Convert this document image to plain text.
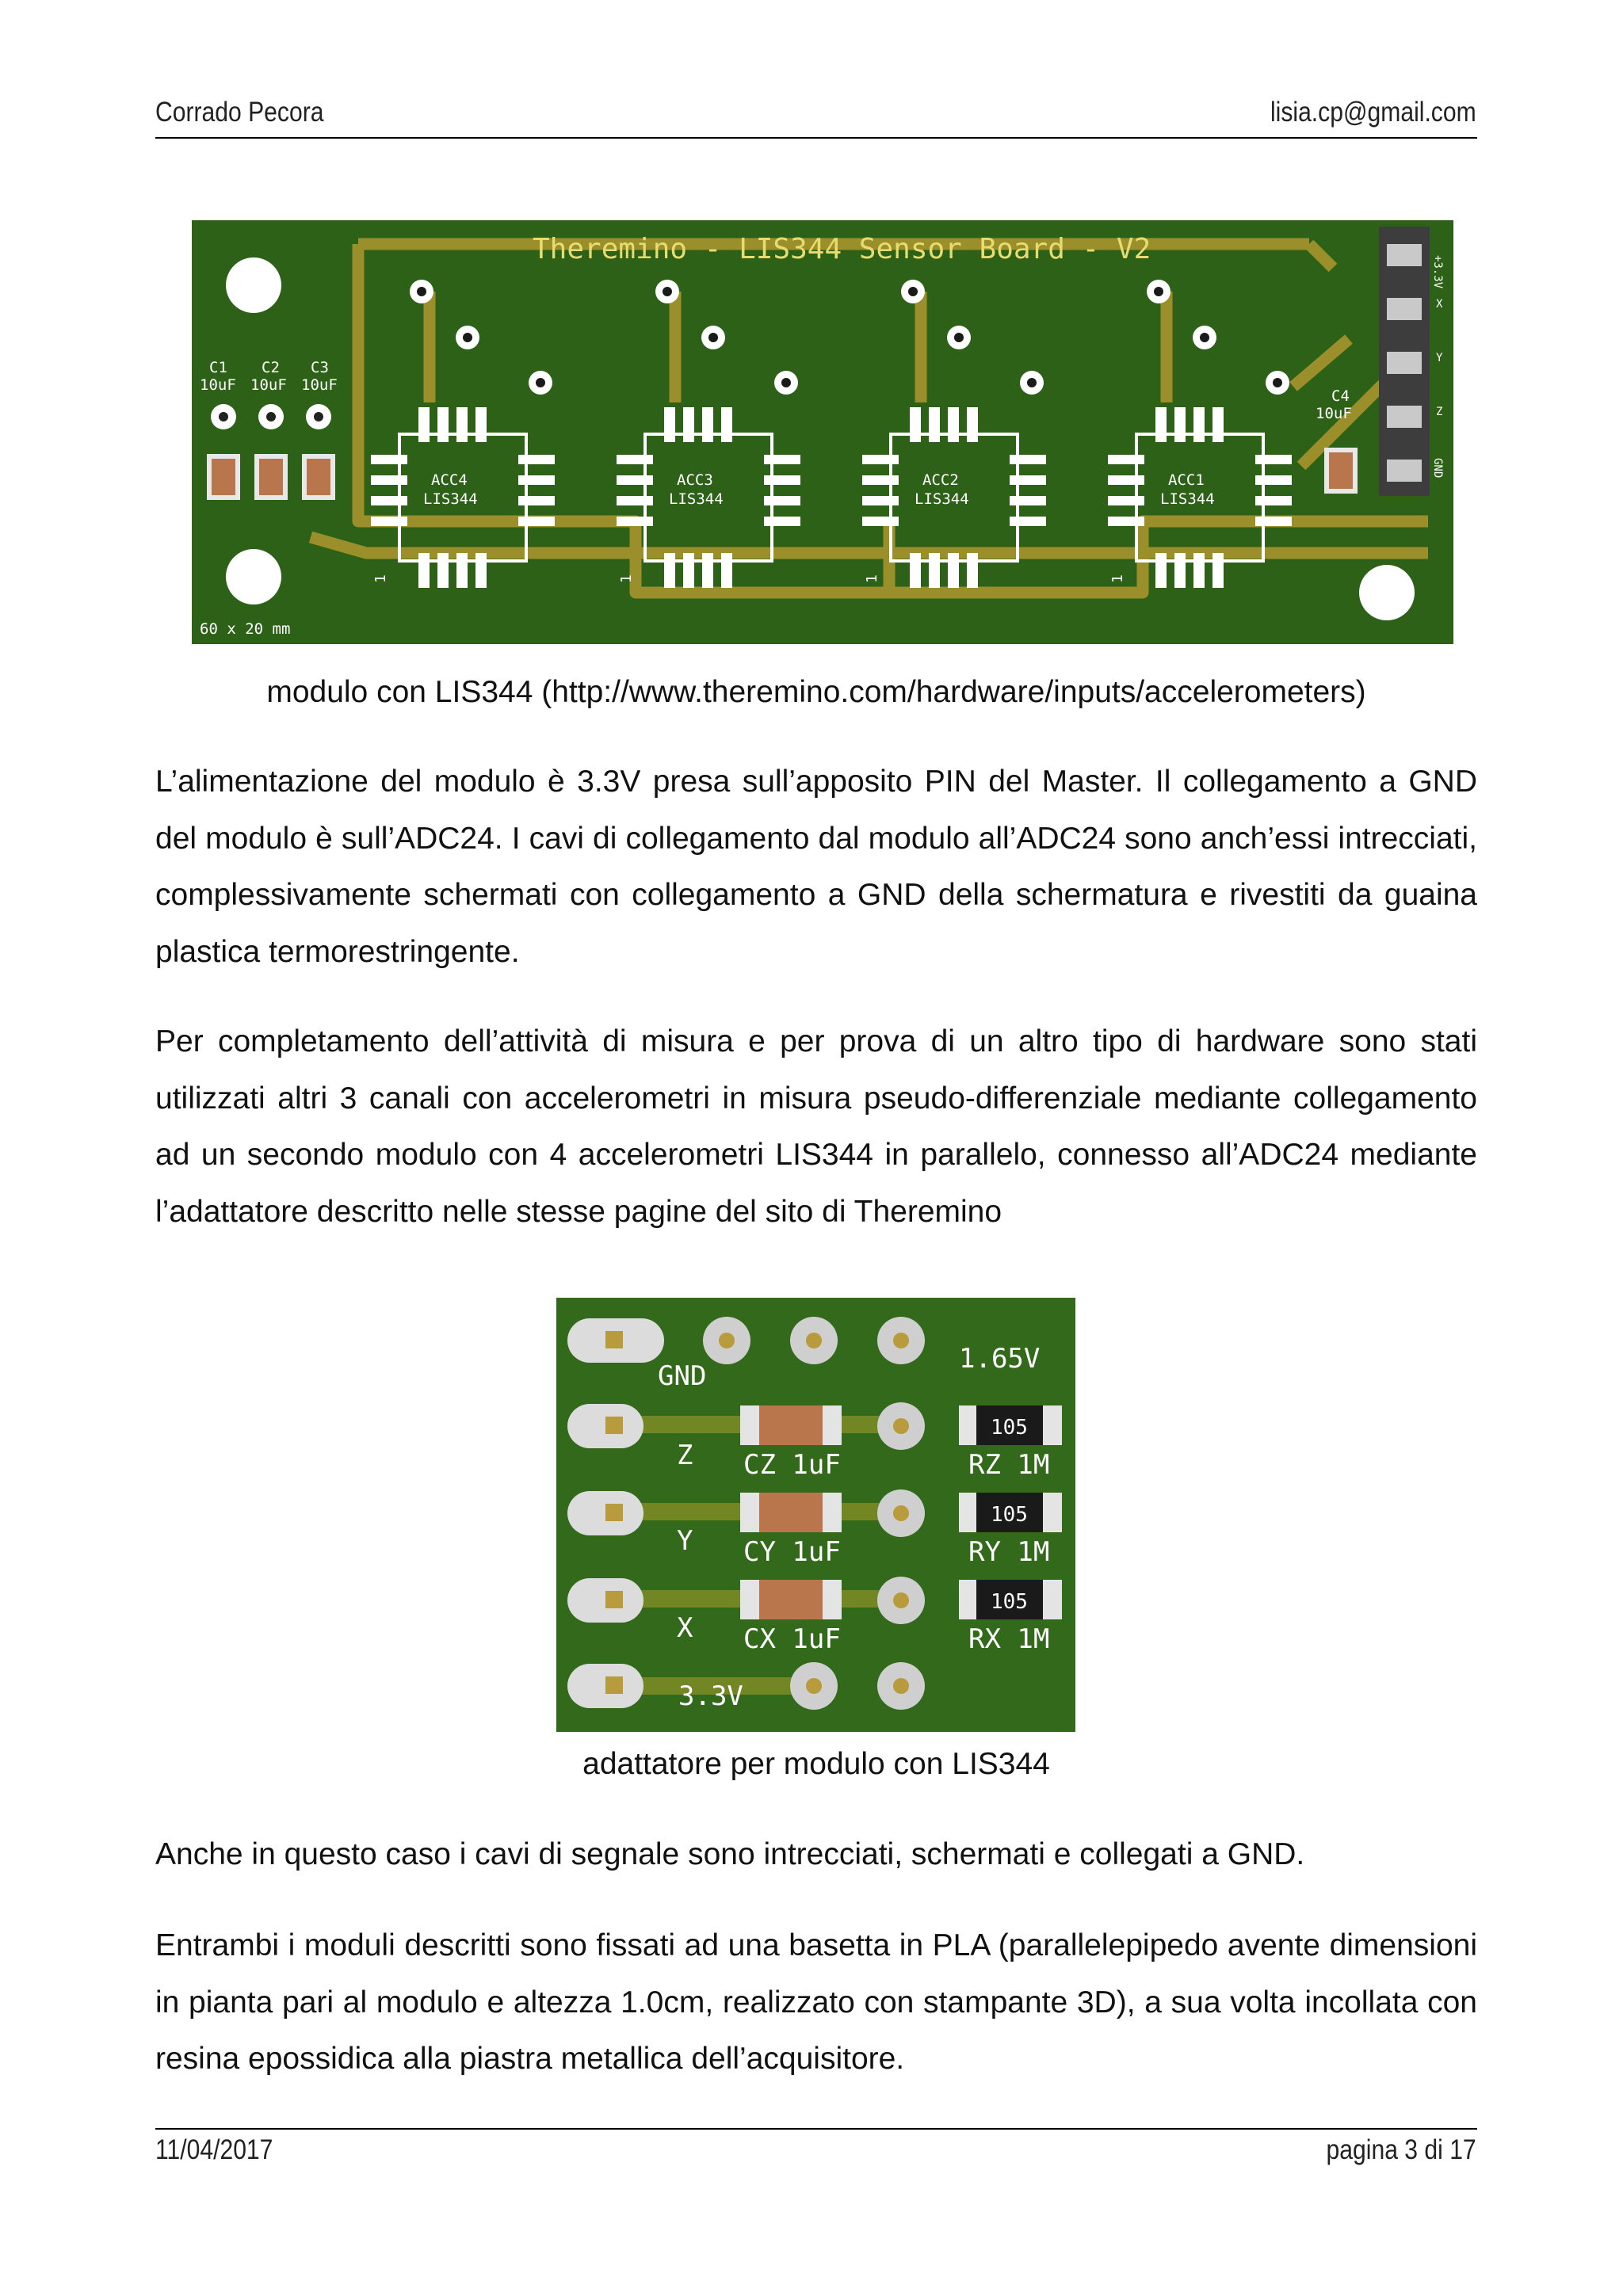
Corrado Pecora	lisia.cp@gmail.com
Theremino - LIS344 Sensor Board - V2
C1
10uF
C2
10uF
C3
10uF
C4
10uF
+3.3V
X
Y
Z
GND
ACC4
LIS344
1
ACC3
LIS344
1
ACC2
LIS344
1
ACC1
LIS344
1
60 x 20 mm
modulo con LIS344 (http://www.theremino.com/hardware/inputs/accelerometers)

L’alimentazione del modulo è 3.3V presa sull’apposito PIN del Master. Il collegamento a GND del modulo è sull’ADC24. I cavi di collegamento dal modulo all’ADC24 sono anch’essi intrecciati, complessivamente schermati con collegamento a GND della schermatura e rivestiti da guaina plastica termorestringente.

Per completamento dell’attività di misura e per prova di un altro tipo di hardware sono stati utilizzati altri 3 canali con accelerometri in misura pseudo-differenziale mediante collegamento ad un secondo modulo con 4 accelerometri LIS344 in parallelo, connesso all’ADC24 mediante l’adattatore descritto nelle stesse pagine del sito di Theremino

105
105
105
GND
1.65V
3.3V
Z
Y
X
CZ 1uF
CY 1uF
CX 1uF
RZ 1M
RY 1M
RX 1M
adattatore per modulo con LIS344

Anche in questo caso i cavi di segnale sono intrecciati, schermati e collegati a GND.

Entrambi i moduli descritti sono fissati ad una basetta in PLA (parallelepipedo avente dimensioni in pianta pari al modulo e altezza 1.0cm, realizzato con stampante 3D), a sua volta incollata con resina epossidica alla piastra metallica dell’acquisitore.

11/04/2017	pagina 3 di 17
